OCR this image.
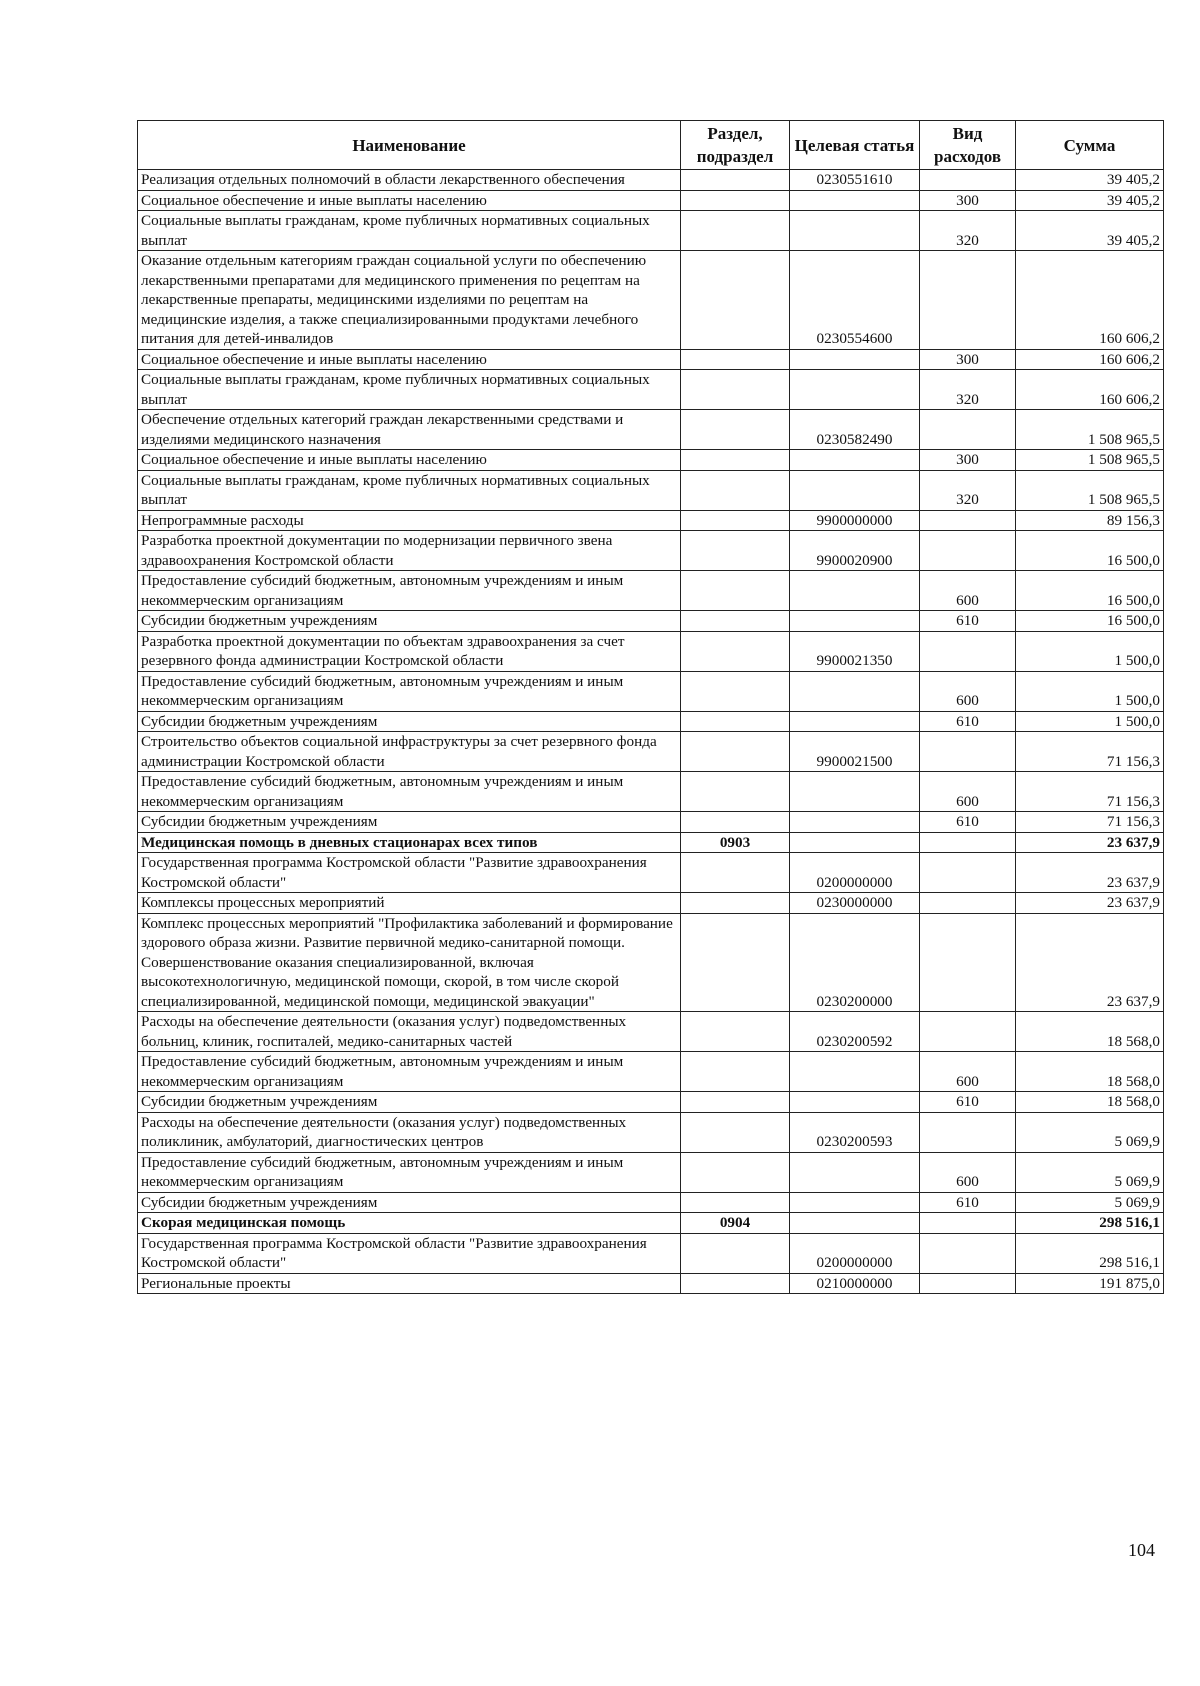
Наименование	Раздел, подраздел	Целевая статья	Вид расходов	Сумма
Реализация отдельных полномочий в области лекарственного обеспечения		0230551610		39 405,2
Социальное обеспечение и иные выплаты населению			300	39 405,2
Социальные выплаты гражданам, кроме публичных нормативных социальных выплат			320	39 405,2
Оказание отдельным категориям граждан социальной услуги по обеспечению лекарственными препаратами для медицинского применения по рецептам на лекарственные препараты, медицинскими изделиями по рецептам на медицинские изделия, а также специализированными продуктами лечебного питания для детей-инвалидов		0230554600		160 606,2
Социальное обеспечение и иные выплаты населению			300	160 606,2
Социальные выплаты гражданам, кроме публичных нормативных социальных выплат			320	160 606,2
Обеспечение отдельных категорий граждан лекарственными средствами и изделиями медицинского назначения		0230582490		1 508 965,5
Социальное обеспечение и иные выплаты населению			300	1 508 965,5
Социальные выплаты гражданам, кроме публичных нормативных социальных выплат			320	1 508 965,5
Непрограммные расходы		9900000000		89 156,3
Разработка проектной документации по модернизации первичного звена здравоохранения Костромской области		9900020900		16 500,0
Предоставление субсидий бюджетным, автономным учреждениям и иным некоммерческим организациям			600	16 500,0
Субсидии бюджетным учреждениям			610	16 500,0
Разработка проектной документации по объектам здравоохранения за счет резервного фонда администрации Костромской области		9900021350		1 500,0
Предоставление субсидий бюджетным, автономным учреждениям и иным некоммерческим организациям			600	1 500,0
Субсидии бюджетным учреждениям			610	1 500,0
Строительство объектов социальной инфраструктуры за счет резервного фонда администрации Костромской области		9900021500		71 156,3
Предоставление субсидий бюджетным, автономным учреждениям и иным некоммерческим организациям			600	71 156,3
Субсидии бюджетным учреждениям			610	71 156,3
Медицинская помощь в дневных стационарах всех типов	0903			23 637,9
Государственная программа Костромской области "Развитие здравоохранения Костромской области"		0200000000		23 637,9
Комплексы процессных мероприятий		0230000000		23 637,9
Комплекс процессных мероприятий "Профилактика заболеваний и формирование здорового образа жизни. Развитие первичной медико-санитарной помощи. Совершенствование оказания специализированной, включая высокотехнологичную, медицинской помощи, скорой, в том числе скорой специализированной, медицинской помощи, медицинской эвакуации"		0230200000		23 637,9
Расходы на обеспечение деятельности (оказания услуг) подведомственных больниц, клиник, госпиталей, медико-санитарных частей		0230200592		18 568,0
Предоставление субсидий бюджетным, автономным учреждениям и иным некоммерческим организациям			600	18 568,0
Субсидии бюджетным учреждениям			610	18 568,0
Расходы на обеспечение деятельности (оказания услуг) подведомственных поликлиник, амбулаторий, диагностических центров		0230200593		5 069,9
Предоставление субсидий бюджетным, автономным учреждениям и иным некоммерческим организациям			600	5 069,9
Субсидии бюджетным учреждениям			610	5 069,9
Скорая медицинская помощь	0904			298 516,1
Государственная программа Костромской области "Развитие здравоохранения Костромской области"		0200000000		298 516,1
Региональные проекты		0210000000		191 875,0
104
